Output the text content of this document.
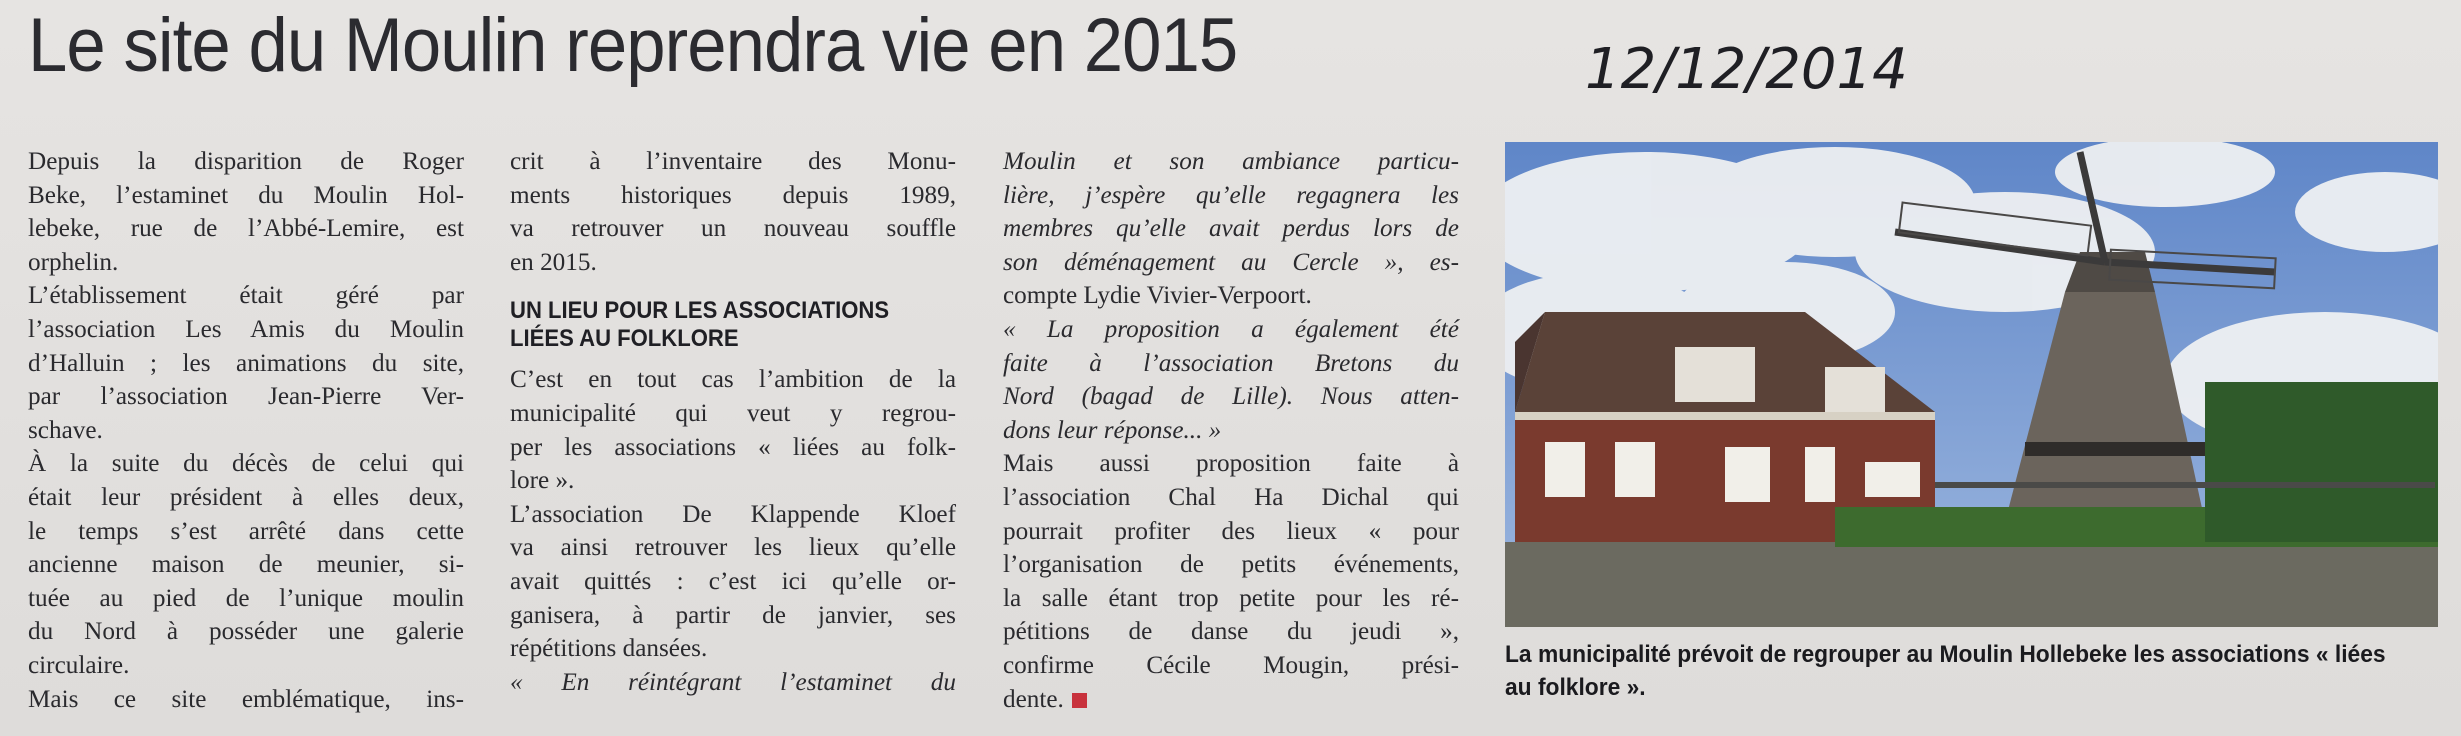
Le site du Moulin reprendra vie en 2015	12/12/2014
Depuis la disparition de Roger
Beke, l’estaminet du Moulin Hol-
lebeke, rue de l’Abbé-Lemire, est
orphelin.
L’établissement était géré par
l’association Les Amis du Moulin
d’Halluin ; les animations du site,
par l’association Jean-Pierre Ver-
schave.
À la suite du décès de celui qui
était leur président à elles deux,
le temps s’est arrêté dans cette
ancienne maison de meunier, si-
tuée au pied de l’unique moulin
du Nord à posséder une galerie
circulaire.
Mais ce site emblématique, ins-
crit à l’inventaire des Monu-
ments historiques depuis 1989,
va retrouver un nouveau souffle
en 2015.
UN LIEU POUR LES ASSOCIATIONS
LIÉES AU FOLKLORE
C’est en tout cas l’ambition de la
municipalité qui veut y regrou-
per les associations « liées au folk-
lore ».
L’association De Klappende Kloef
va ainsi retrouver les lieux qu’elle
avait quittés : c’est ici qu’elle or-
ganisera, à partir de janvier, ses
répétitions dansées.
« En réintégrant l’estaminet du
Moulin et son ambiance particu-
lière, j’espère qu’elle regagnera les
membres qu’elle avait perdus lors de
son déménagement au Cercle », es-
compte Lydie Vivier-Verpoort.
« La proposition a également été
faite à l’association Bretons du
Nord (bagad de Lille). Nous atten-
dons leur réponse... »
Mais aussi proposition faite à
l’association Chal Ha Dichal qui
pourrait profiter des lieux « pour
l’organisation de petits événements,
la salle étant trop petite pour les ré-
pétitions de danse du jeudi »,
confirme Cécile Mougin, prési-
dente.
La municipalité prévoit de regrouper au Moulin Hollebeke les associations « liées au folklore ».
